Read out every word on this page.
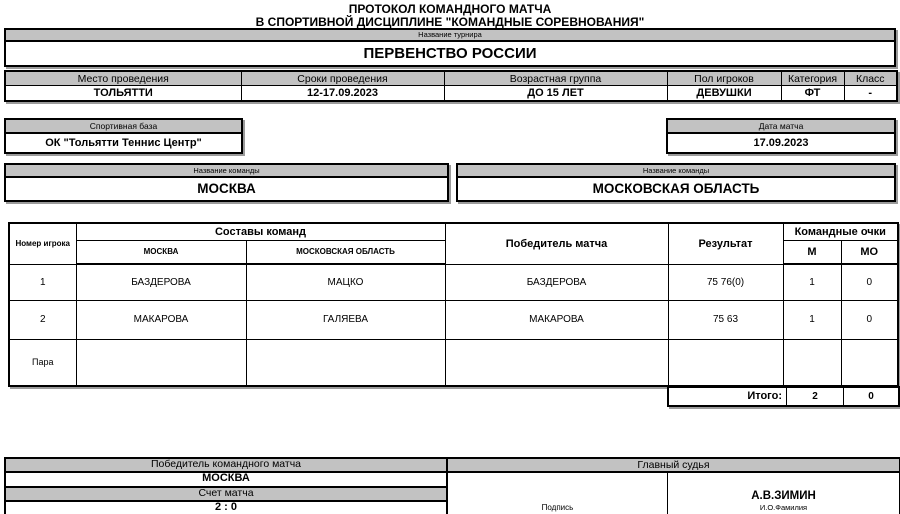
ПРОТОКОЛ КОМАНДНОГО МАТЧА
В СПОРТИВНОЙ ДИСЦИПЛИНЕ "КОМАНДНЫЕ СОРЕВНОВАНИЯ"
Название турнира
ПЕРВЕНСТВО РОССИИ
Место проведения	Сроки проведения	Возрастная группа	Пол игроков	Категория	Класс
ТОЛЬЯТТИ	12-17.09.2023	ДО 15 ЛЕТ	ДЕВУШКИ	ФТ	-
Спортивная база
ОК "Тольятти Теннис Центр"
Дата матча
17.09.2023
Название команды
МОСКВА
Название команды
МОСКОВСКАЯ ОБЛАСТЬ
Номер игрока	Составы команд		Победитель матча	Результат	Командные очки	
	МОСКВА	МОСКОВСКАЯ ОБЛАСТЬ			М	МО
1	БАЗДЕРОВА	МАЦКО	БАЗДЕРОВА	75 76(0)	1	0
2	МАКАРОВА	ГАЛЯЕВА	МАКАРОВА	75 63	1	0
Пара						
Итого:	2	0
Победитель командного матча
МОСКВА
Счет матча
2 : 0
Главный судья
Подпись
А.В.ЗИМИН
И.О.Фамилия
